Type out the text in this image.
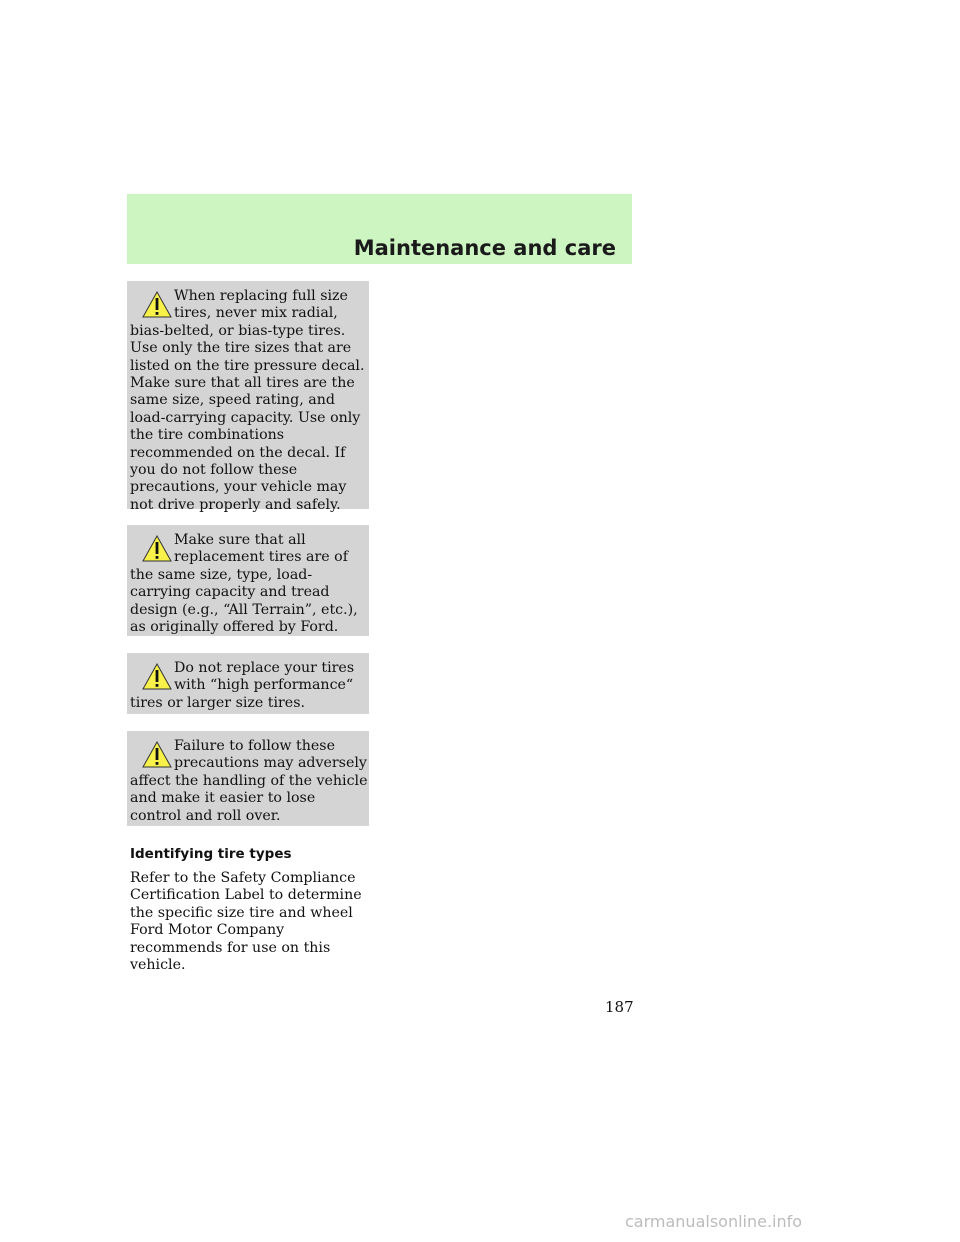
Maintenance and care

When replacing full size
tires, never mix radial,
bias-belted, or bias-type tires. Use only the tire sizes that are listed on the tire pressure decal. Make sure that all tires are the same size, speed rating, and load-carrying capacity. Use only the tire combinations recommended on the decal. If you do not follow these precautions, your vehicle may not drive properly and safely.

Make sure that all
replacement tires are of
the same size, type, load-carrying capacity and tread design (e.g., “All Terrain”, etc.), as originally offered by Ford.

Do not replace your tires
with “high performance“
tires or larger size tires.

Failure to follow these
precautions may adversely
affect the handling of the vehicle and make it easier to lose control and roll over.

Identifying tire types

Refer to the Safety Compliance Certification Label to determine the specific size tire and wheel Ford Motor Company recommends for use on this vehicle.

187
carmanualsonline.info
